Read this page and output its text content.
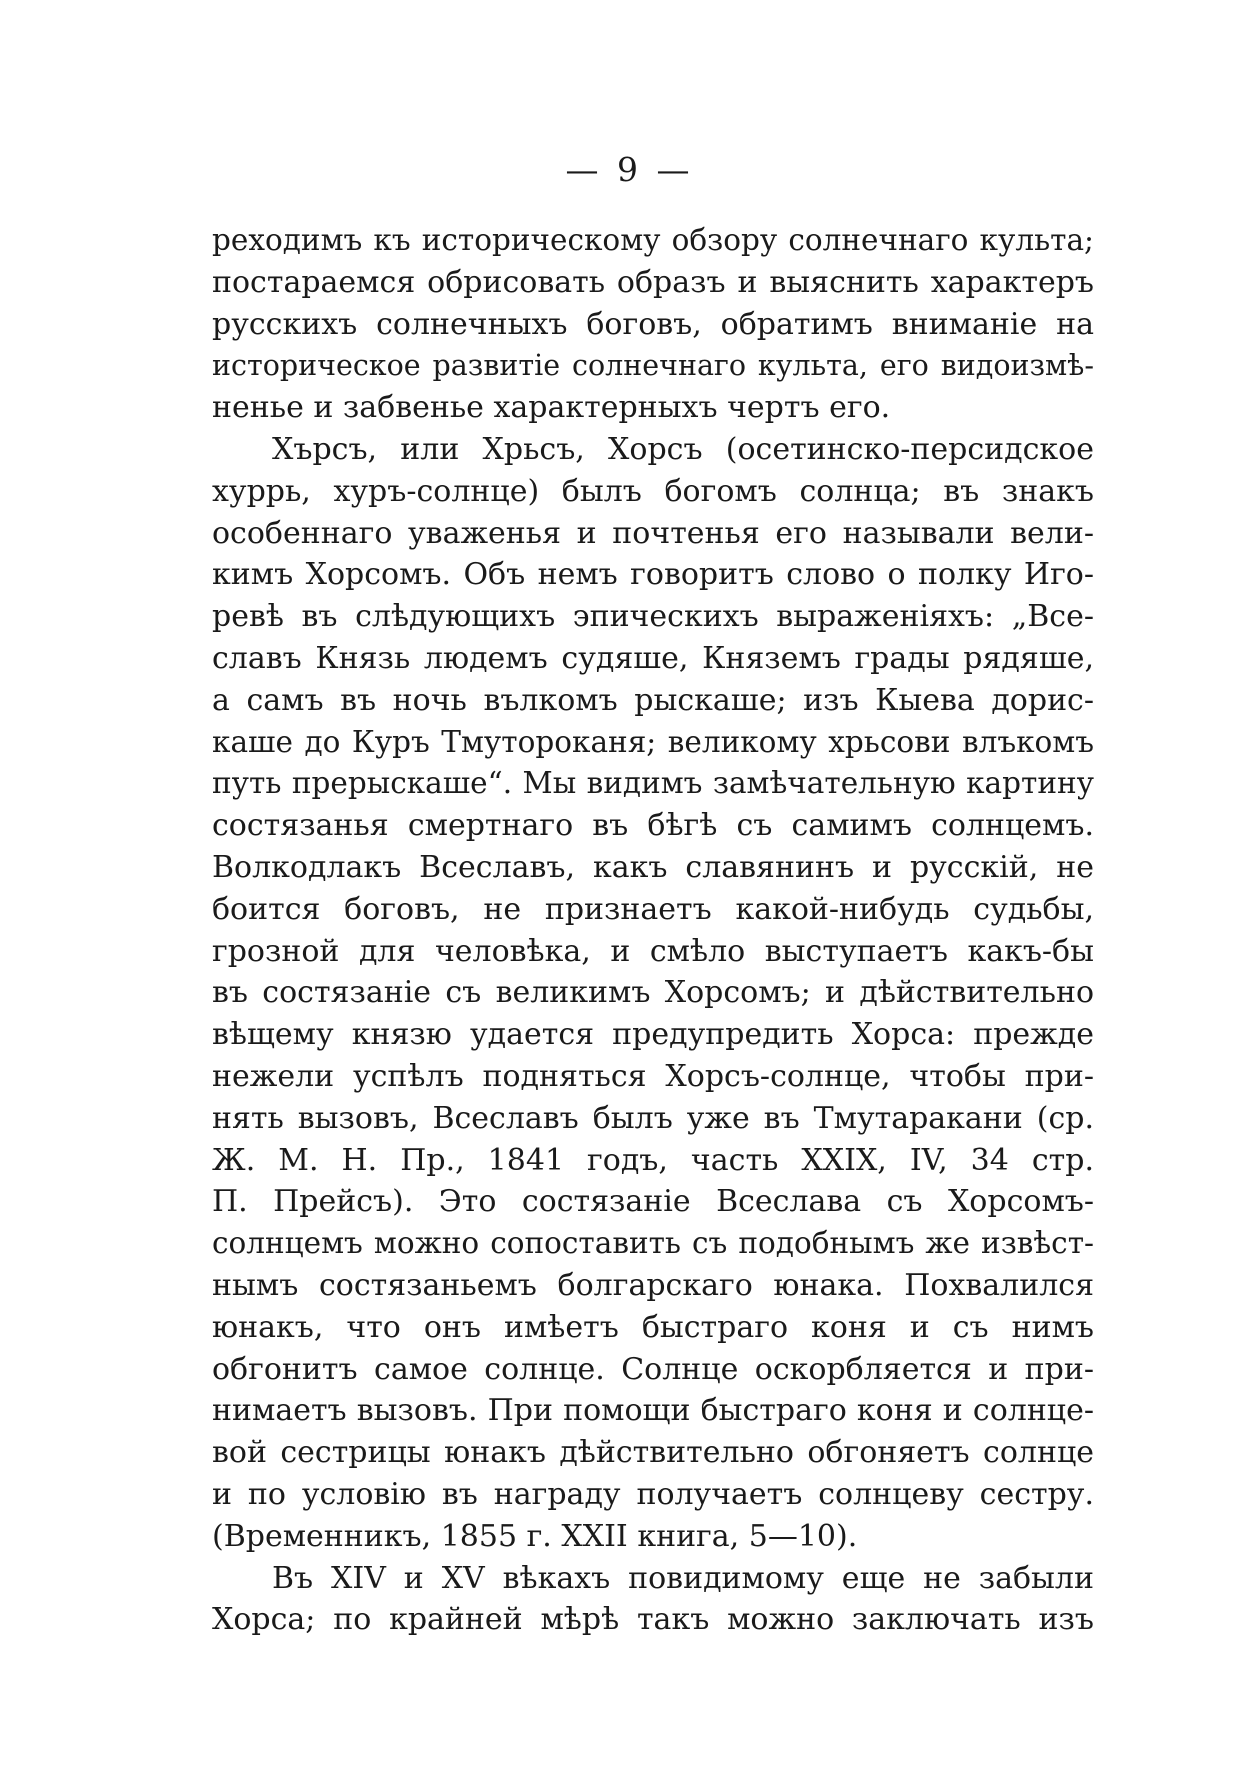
— 9 —
реходимъ къ историческому обзору солнечнаго культа;
постараемся обрисовать образъ и выяснить характеръ
русскихъ солнечныхъ боговъ, обратимъ вниманіе на
историческое развитіе солнечнаго культа, его видоизмѣ-
ненье и забвенье характерныхъ чертъ его.
Хърсъ, или Хрьсъ, Хорсъ (осетинско-персидское
хуррь, хуръ-солнце) былъ богомъ солнца; въ знакъ
особеннаго уваженья и почтенья его называли вели-
кимъ Хорсомъ. Объ немъ говоритъ слово о полку Иго-
ревѣ въ слѣдующихъ эпическихъ выраженіяхъ: „Все-
славъ Князь людемъ судяше, Княземъ грады рядяше,
а самъ въ ночь вълкомъ рыскаше; изъ Кыева дорис-
каше до Куръ Тмутороканя; великому хрьсови влъкомъ
путь прерыскаше“. Мы видимъ замѣчательную картину
состязанья смертнаго въ бѣгѣ съ самимъ солнцемъ.
Волкодлакъ Всеславъ, какъ славянинъ и русскій, не
боится боговъ, не признаетъ какой-нибудь судьбы,
грозной для человѣка, и смѣло выступаетъ какъ-бы
въ состязаніе съ великимъ Хорсомъ; и дѣйствительно
вѣщему князю удается предупредить Хорса: прежде
нежели успѣлъ подняться Хорсъ-солнце, чтобы при-
нять вызовъ, Всеславъ былъ уже въ Тмутаракани (ср.
Ж. М. Н. Пр., 1841 годъ, часть XXIX, IV, 34 стр.
П. Прейсъ). Это состязаніе Всеслава съ Хорсомъ-
солнцемъ можно сопоставить съ подобнымъ же извѣст-
нымъ состязаньемъ болгарскаго юнака. Похвалился
юнакъ, что онъ имѣетъ быстраго коня и съ нимъ
обгонитъ самое солнце. Солнце оскорбляется и при-
нимаетъ вызовъ. При помощи быстраго коня и солнце-
вой сестрицы юнакъ дѣйствительно обгоняетъ солнце
и по условію въ награду получаетъ солнцеву сестру.
(Временникъ, 1855 г. XXII книга, 5—10).
Въ XIV и XV вѣкахъ повидимому еще не забыли
Хорса; по крайней мѣрѣ такъ можно заключать изъ
